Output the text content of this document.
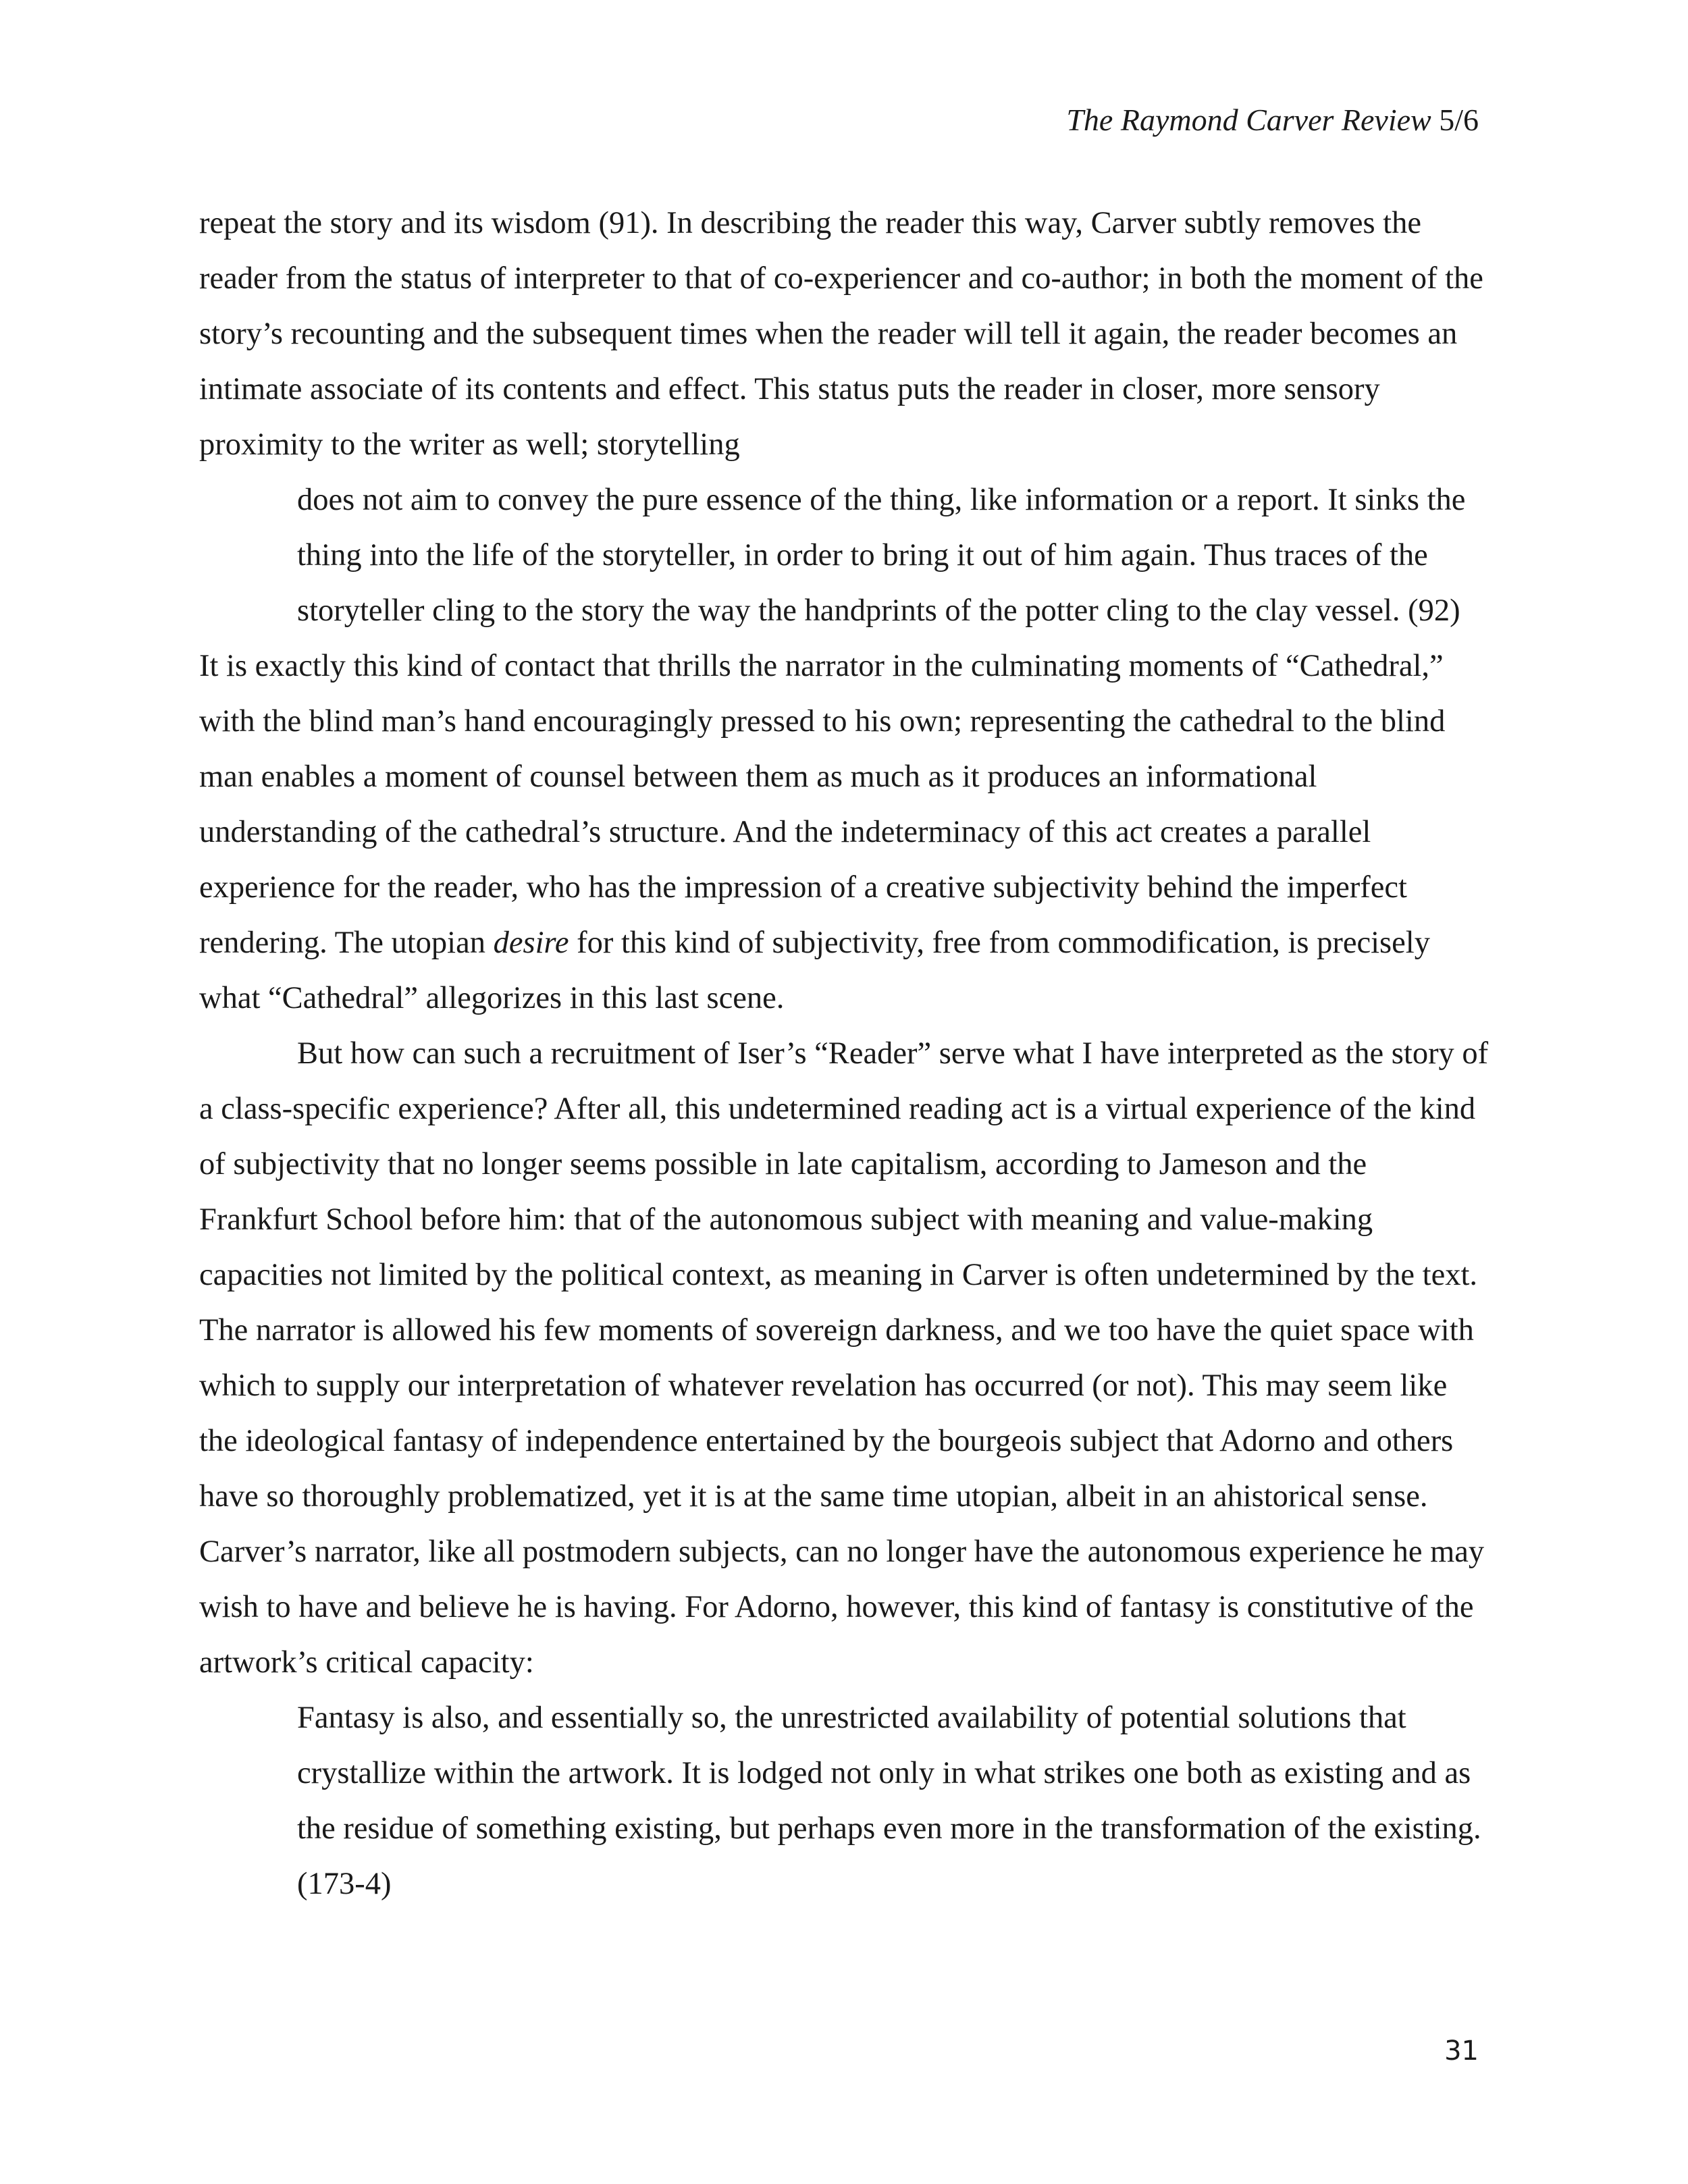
The Raymond Carver Review 5/6

repeat the story and its wisdom (91). In describing the reader this way, Carver subtly removes the reader from the status of interpreter to that of co-experiencer and co-author; in both the moment of the story’s recounting and the subsequent times when the reader will tell it again, the reader becomes an intimate associate of its contents and effect. This status puts the reader in closer, more sensory proximity to the writer as well; storytelling

does not aim to convey the pure essence of the thing, like information or a report. It sinks the thing into the life of the storyteller, in order to bring it out of him again. Thus traces of the storyteller cling to the story the way the handprints of the potter cling to the clay vessel. (92)

It is exactly this kind of contact that thrills the narrator in the culminating moments of “Cathedral,” with the blind man’s hand encouragingly pressed to his own; representing the cathedral to the blind man enables a moment of counsel between them as much as it produces an informational understanding of the cathedral’s structure. And the indeterminacy of this act creates a parallel experience for the reader, who has the impression of a creative subjectivity behind the imperfect rendering. The utopian desire for this kind of subjectivity, free from commodification, is precisely what “Cathedral” allegorizes in this last scene.

But how can such a recruitment of Iser’s “Reader” serve what I have interpreted as the story of a class-specific experience? After all, this undetermined reading act is a virtual experience of the kind of subjectivity that no longer seems possible in late capitalism, according to Jameson and the Frankfurt School before him: that of the autonomous subject with meaning and value-making capacities not limited by the political context, as meaning in Carver is often undetermined by the text. The narrator is allowed his few moments of sovereign darkness, and we too have the quiet space with which to supply our interpretation of whatever revelation has occurred (or not). This may seem like the ideological fantasy of independence entertained by the bourgeois subject that Adorno and others have so thoroughly problematized, yet it is at the same time utopian, albeit in an ahistorical sense. Carver’s narrator, like all postmodern subjects, can no longer have the autonomous experience he may wish to have and believe he is having. For Adorno, however, this kind of fantasy is constitutive of the artwork’s critical capacity:

Fantasy is also, and essentially so, the unrestricted availability of potential solutions that crystallize within the artwork. It is lodged not only in what strikes one both as existing and as the residue of something existing, but perhaps even more in the transformation of the existing. (173-4)

31
